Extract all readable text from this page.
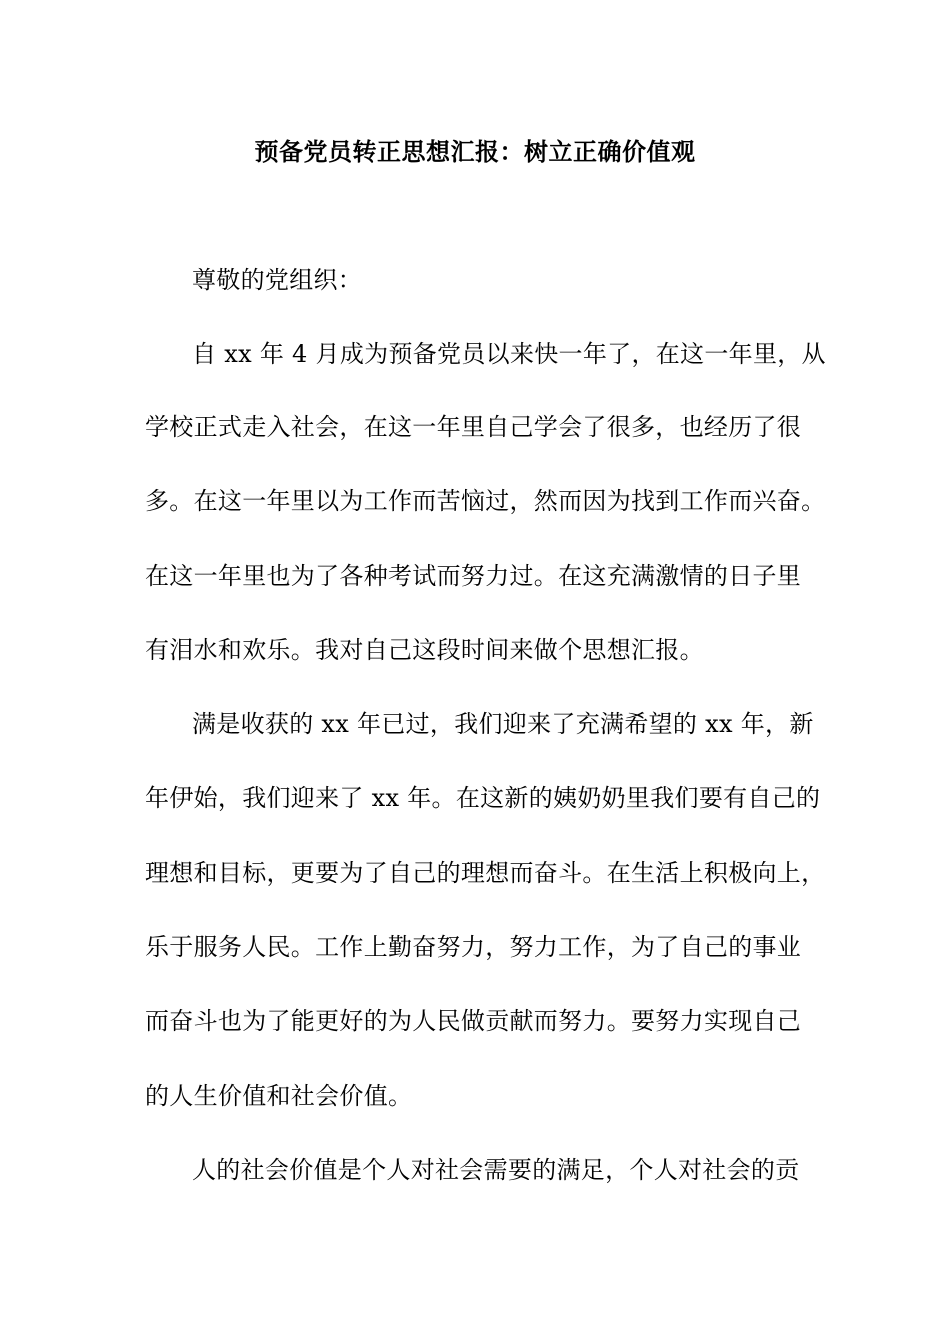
预备党员转正思想汇报：树立正确价值观
尊敬的党组织：
自 xx 年 4 月成为预备党员以来快一年了，在这一年里，从
学校正式走入社会，在这一年里自己学会了很多，也经历了很
多。在这一年里以为工作而苦恼过，然而因为找到工作而兴奋。
在这一年里也为了各种考试而努力过。在这充满激情的日子里
有泪水和欢乐。我对自己这段时间来做个思想汇报。
满是收获的 xx 年已过，我们迎来了充满希望的 xx 年，新
年伊始，我们迎来了 xx 年。在这新的姨奶奶里我们要有自己的
理想和目标，更要为了自己的理想而奋斗。在生活上积极向上，
乐于服务人民。工作上勤奋努力，努力工作，为了自己的事业
而奋斗也为了能更好的为人民做贡献而努力。要努力实现自己
的人生价值和社会价值。
人的社会价值是个人对社会需要的满足，个人对社会的贡
